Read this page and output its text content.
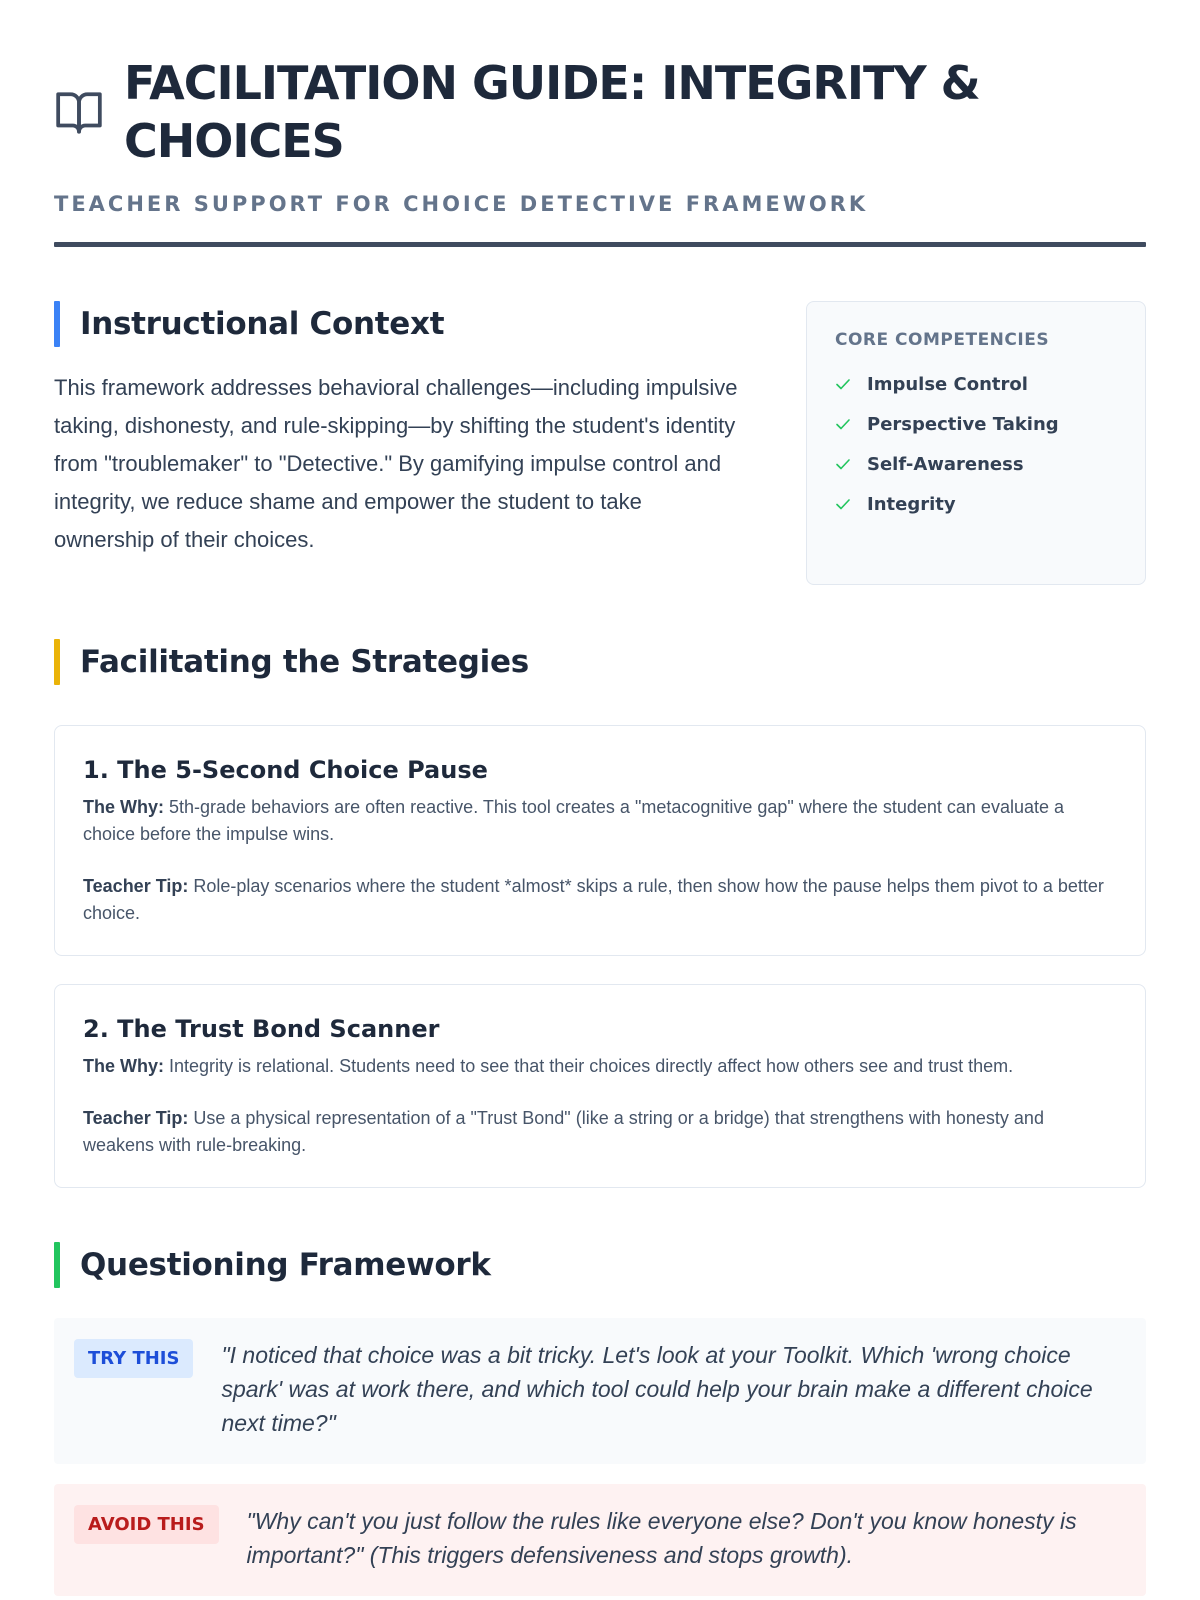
FACILITATION GUIDE: INTEGRITY & CHOICES
TEACHER SUPPORT FOR CHOICE DETECTIVE FRAMEWORK
Instructional Context

This framework addresses behavioral challenges—including impulsive taking, dishonesty, and rule-skipping—by shifting the student's identity from "troublemaker" to "Detective." By gamifying impulse control and integrity, we reduce shame and empower the student to take ownership of their choices.

CORE COMPETENCIES
Impulse Control
Perspective Taking
Self-Awareness
Integrity
Facilitating the Strategies
1. The 5-Second Choice Pause

The Why: 5th-grade behaviors are often reactive. This tool creates a "metacognitive gap" where the student can evaluate a choice before the impulse wins.

Teacher Tip: Role-play scenarios where the student *almost* skips a rule, then show how the pause helps them pivot to a better choice.

2. The Trust Bond Scanner

The Why: Integrity is relational. Students need to see that their choices directly affect how others see and trust them.

Teacher Tip: Use a physical representation of a "Trust Bond" (like a string or a bridge) that strengthens with honesty and weakens with rule-breaking.

Questioning Framework
TRY THIS	"I noticed that choice was a bit tricky. Let's look at your Toolkit. Which 'wrong choice spark' was at work there, and which tool could help your brain make a different choice next time?"

AVOID THIS	"Why can't you just follow the rules like everyone else? Don't you know honesty is important?" (This triggers defensiveness and stops growth).
